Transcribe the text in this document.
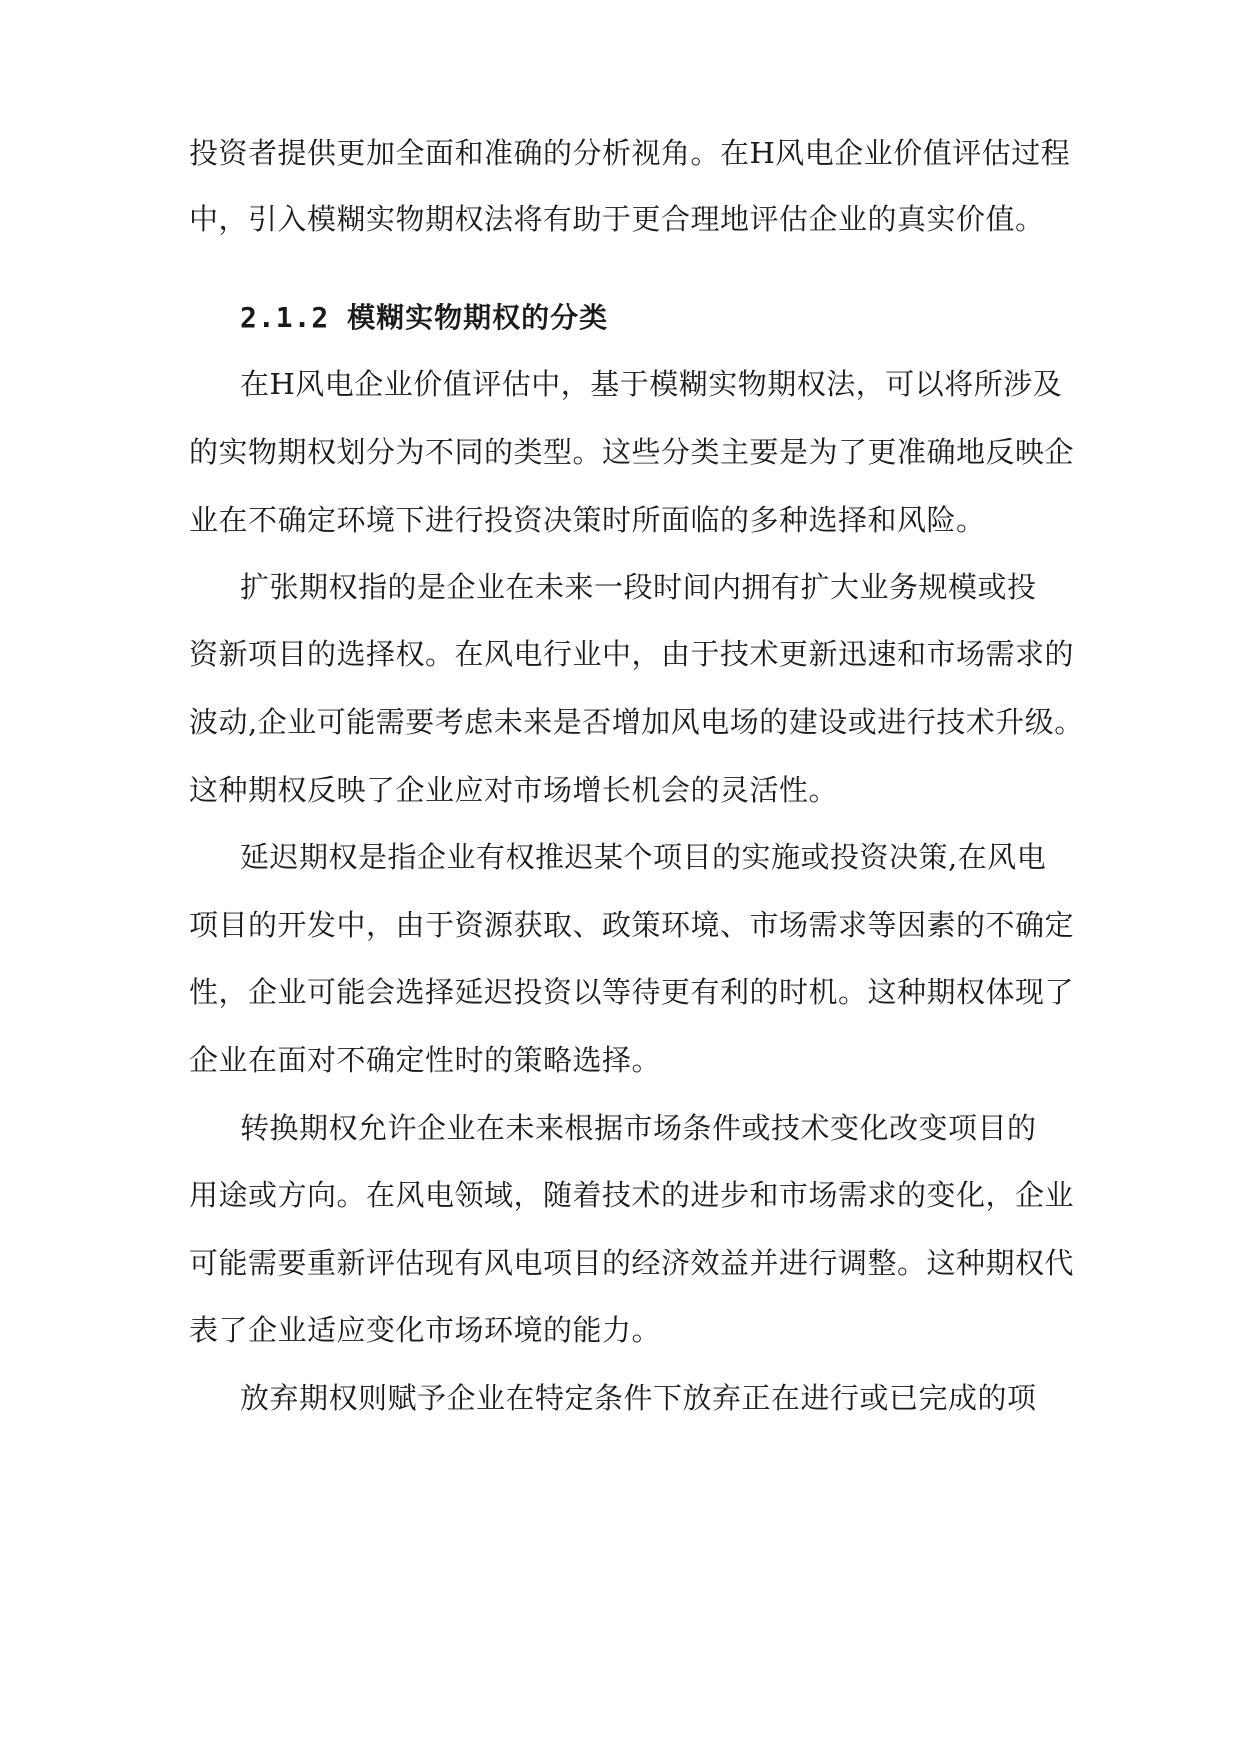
投资者提供更加全面和准确的分析视角。在H风电企业价值评估过程
中，引入模糊实物期权法将有助于更合理地评估企业的真实价值。
2.1.2 模糊实物期权的分类
在H风电企业价值评估中，基于模糊实物期权法，可以将所涉及
的实物期权划分为不同的类型。这些分类主要是为了更准确地反映企
业在不确定环境下进行投资决策时所面临的多种选择和风险。
扩张期权指的是企业在未来一段时间内拥有扩大业务规模或投
资新项目的选择权。在风电行业中，由于技术更新迅速和市场需求的
波动,企业可能需要考虑未来是否增加风电场的建设或进行技术升级。
这种期权反映了企业应对市场增长机会的灵活性。
延迟期权是指企业有权推迟某个项目的实施或投资决策,在风电
项目的开发中，由于资源获取、政策环境、市场需求等因素的不确定
性，企业可能会选择延迟投资以等待更有利的时机。这种期权体现了
企业在面对不确定性时的策略选择。
转换期权允许企业在未来根据市场条件或技术变化改变项目的
用途或方向。在风电领域，随着技术的进步和市场需求的变化，企业
可能需要重新评估现有风电项目的经济效益并进行调整。这种期权代
表了企业适应变化市场环境的能力。
放弃期权则赋予企业在特定条件下放弃正在进行或已完成的项
